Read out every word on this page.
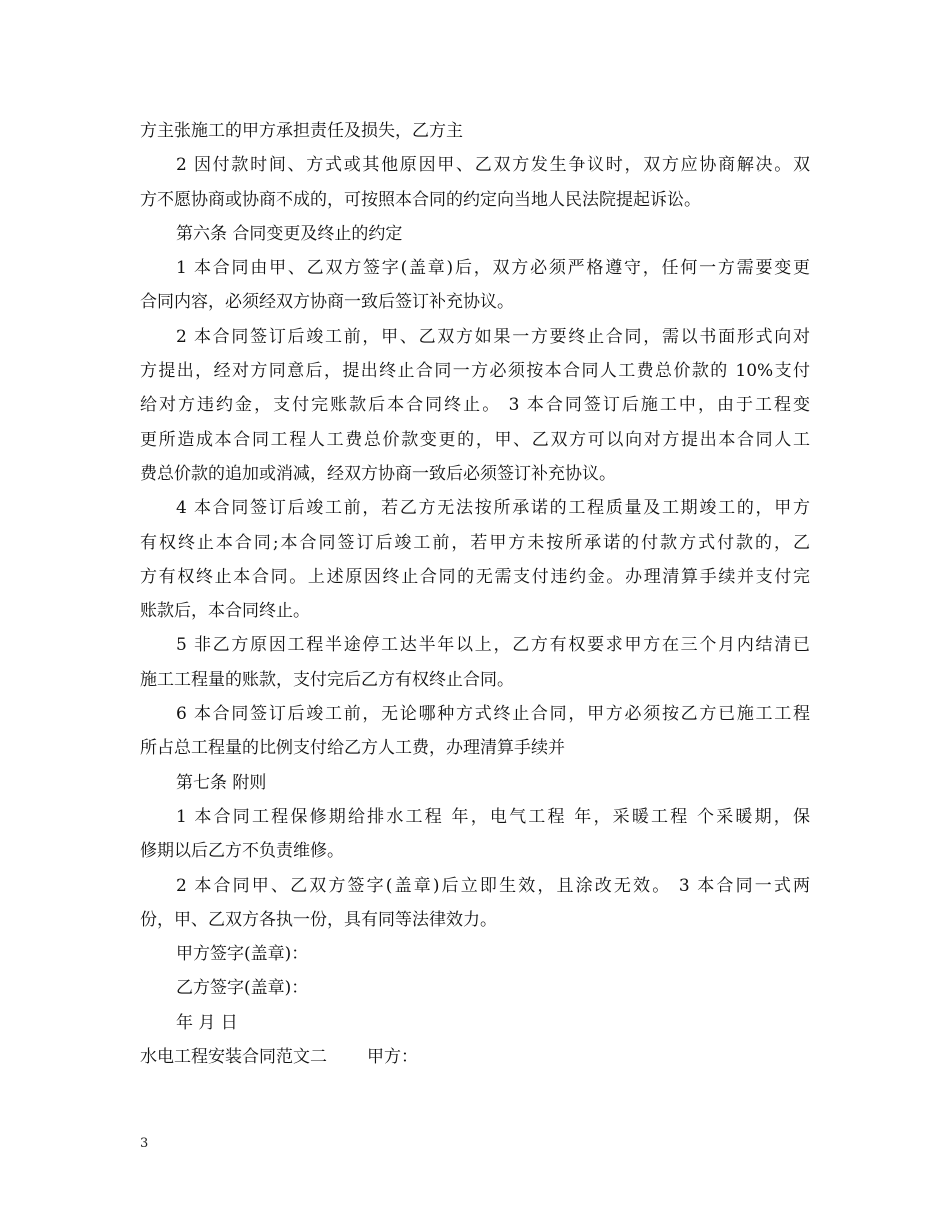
方主张施工的甲方承担责任及损失，乙方主
2 因付款时间、方式或其他原因甲、乙双方发生争议时，双方应协商解决。双
方不愿协商或协商不成的，可按照本合同的约定向当地人民法院提起诉讼。
第六条 合同变更及终止的约定
1 本合同由甲、乙双方签字(盖章)后，双方必须严格遵守，任何一方需要变更
合同内容，必须经双方协商一致后签订补充协议。
2 本合同签订后竣工前，甲、乙双方如果一方要终止合同，需以书面形式向对
方提出，经对方同意后，提出终止合同一方必须按本合同人工费总价款的 10%支付
给对方违约金，支付完账款后本合同终止。 3 本合同签订后施工中，由于工程变
更所造成本合同工程人工费总价款变更的，甲、乙双方可以向对方提出本合同人工
费总价款的追加或消减，经双方协商一致后必须签订补充协议。
4 本合同签订后竣工前，若乙方无法按所承诺的工程质量及工期竣工的，甲方
有权终止本合同;本合同签订后竣工前，若甲方未按所承诺的付款方式付款的，乙
方有权终止本合同。上述原因终止合同的无需支付违约金。办理清算手续并支付完
账款后，本合同终止。
5 非乙方原因工程半途停工达半年以上，乙方有权要求甲方在三个月内结清已
施工工程量的账款，支付完后乙方有权终止合同。
6 本合同签订后竣工前，无论哪种方式终止合同，甲方必须按乙方已施工工程
所占总工程量的比例支付给乙方人工费，办理清算手续并
第七条 附则
1 本合同工程保修期给排水工程 年，电气工程 年，采暖工程 个采暖期，保
修期以后乙方不负责维修。
2 本合同甲、乙双方签字(盖章)后立即生效，且涂改无效。 3 本合同一式两
份，甲、乙双方各执一份，具有同等法律效力。
甲方签字(盖章)：
乙方签字(盖章)：
年 月 日
水电工程安装合同范文二 甲方：
3
